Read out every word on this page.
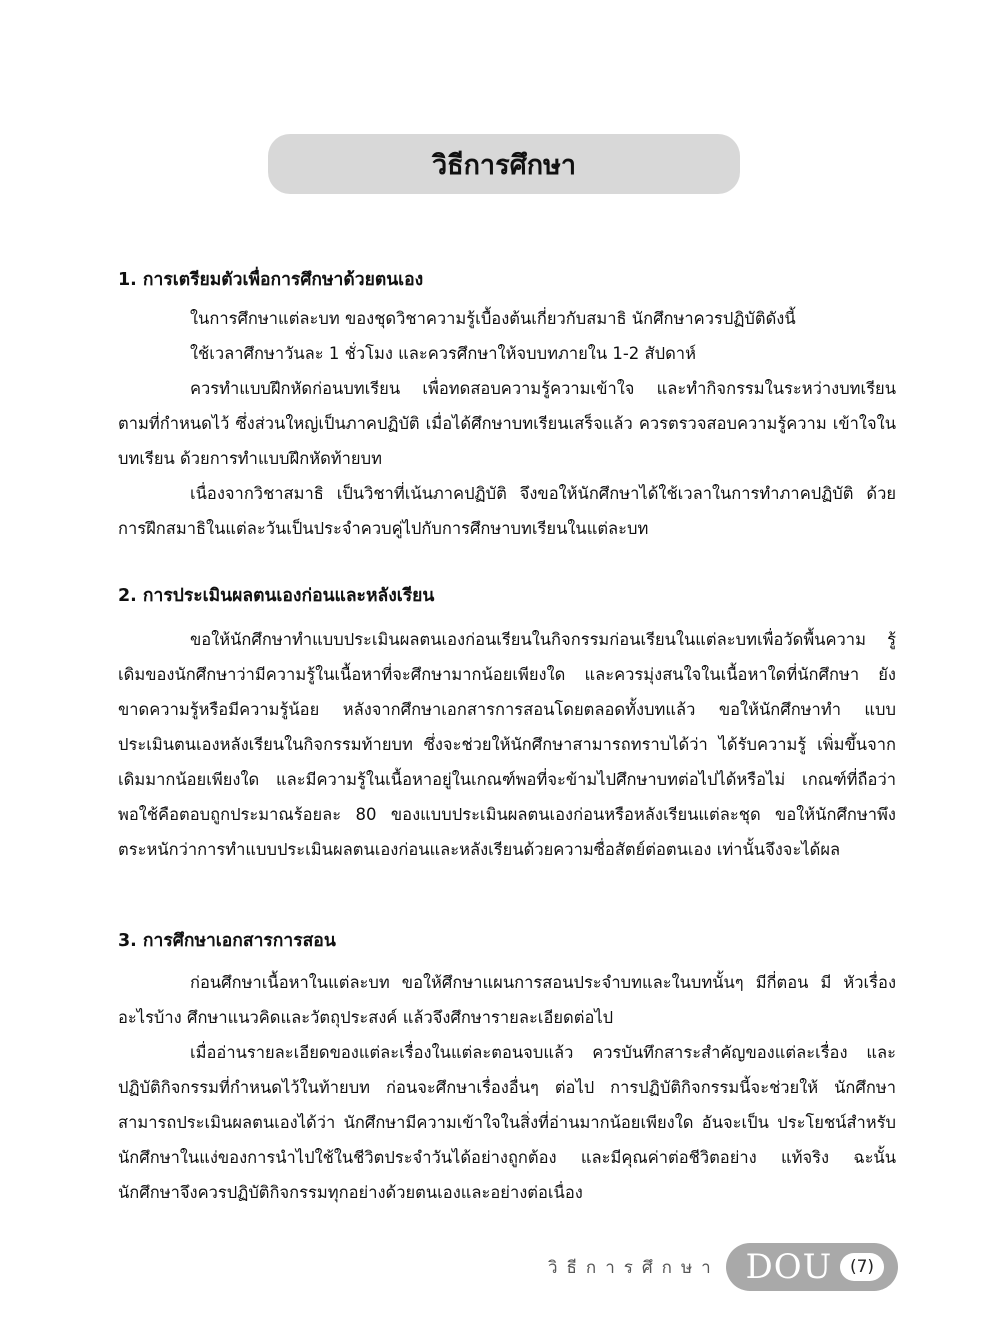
วิธีการศึกษา
1. การเตรียมตัวเพื่อการศึกษาด้วยตนเอง

ในการศึกษาแต่ละบท ของชุดวิชาความรู้เบื้องต้นเกี่ยวกับสมาธิ นักศึกษาควรปฏิบัติดังนี้

ใช้เวลาศึกษาวันละ 1 ชั่วโมง และควรศึกษาให้จบบทภายใน 1-2 สัปดาห์

ควรทำแบบฝึกหัดก่อนบทเรียน เพื่อทดสอบความรู้ความเข้าใจ และทำกิจกรรมในระหว่างบทเรียน ตามที่กำหนดไว้ ซึ่งส่วนใหญ่เป็นภาคปฏิบัติ เมื่อได้ศึกษาบทเรียนเสร็จแล้ว ควรตรวจสอบความรู้ความ เข้าใจในบทเรียน ด้วยการทำแบบฝึกหัดท้ายบท

เนื่องจากวิชาสมาธิ เป็นวิชาที่เน้นภาคปฏิบัติ จึงขอให้นักศึกษาได้ใช้เวลาในการทำภาคปฏิบัติ ด้วยการฝึกสมาธิในแต่ละวันเป็นประจำควบคู่ไปกับการศึกษาบทเรียนในแต่ละบท

2. การประเมินผลตนเองก่อนและหลังเรียน

ขอให้นักศึกษาทำแบบประเมินผลตนเองก่อนเรียนในกิจกรรมก่อนเรียนในแต่ละบทเพื่อวัดพื้นความ รู้เดิมของนักศึกษาว่ามีความรู้ในเนื้อหาที่จะศึกษามากน้อยเพียงใด และควรมุ่งสนใจในเนื้อหาใดที่นักศึกษา ยังขาดความรู้หรือมีความรู้น้อย หลังจากศึกษาเอกสารการสอนโดยตลอดทั้งบทแล้ว ขอให้นักศึกษาทำ แบบประเมินตนเองหลังเรียนในกิจกรรมท้ายบท ซึ่งจะช่วยให้นักศึกษาสามารถทราบได้ว่า ได้รับความรู้ เพิ่มขึ้นจากเดิมมากน้อยเพียงใด และมีความรู้ในเนื้อหาอยู่ในเกณฑ์พอที่จะข้ามไปศึกษาบทต่อไปได้หรือไม่ เกณฑ์ที่ถือว่าพอใช้คือตอบถูกประมาณร้อยละ 80 ของแบบประเมินผลตนเองก่อนหรือหลังเรียนแต่ละชุด ขอให้นักศึกษาพึงตระหนักว่าการทำแบบประเมินผลตนเองก่อนและหลังเรียนด้วยความซื่อสัตย์ต่อตนเอง เท่านั้นจึงจะได้ผล

3. การศึกษาเอกสารการสอน

ก่อนศึกษาเนื้อหาในแต่ละบท ขอให้ศึกษาแผนการสอนประจำบทและในบทนั้นๆ มีกี่ตอน มี หัวเรื่องอะไรบ้าง ศึกษาแนวคิดและวัตถุประสงค์ แล้วจึงศึกษารายละเอียดต่อไป

เมื่ออ่านรายละเอียดของแต่ละเรื่องในแต่ละตอนจบแล้ว ควรบันทึกสาระสำคัญของแต่ละเรื่อง และปฏิบัติกิจกรรมที่กำหนดไว้ในท้ายบท ก่อนจะศึกษาเรื่องอื่นๆ ต่อไป การปฏิบัติกิจกรรมนี้จะช่วยให้ นักศึกษาสามารถประเมินผลตนเองได้ว่า นักศึกษามีความเข้าใจในสิ่งที่อ่านมากน้อยเพียงใด อันจะเป็น ประโยชน์สำหรับนักศึกษาในแง่ของการนำไปใช้ในชีวิตประจำวันได้อย่างถูกต้อง และมีคุณค่าต่อชีวิตอย่าง แท้จริง ฉะนั้นนักศึกษาจึงควรปฏิบัติกิจกรรมทุกอย่างด้วยตนเองและอย่างต่อเนื่อง

วิธีการศึกษา DOU	(7)
